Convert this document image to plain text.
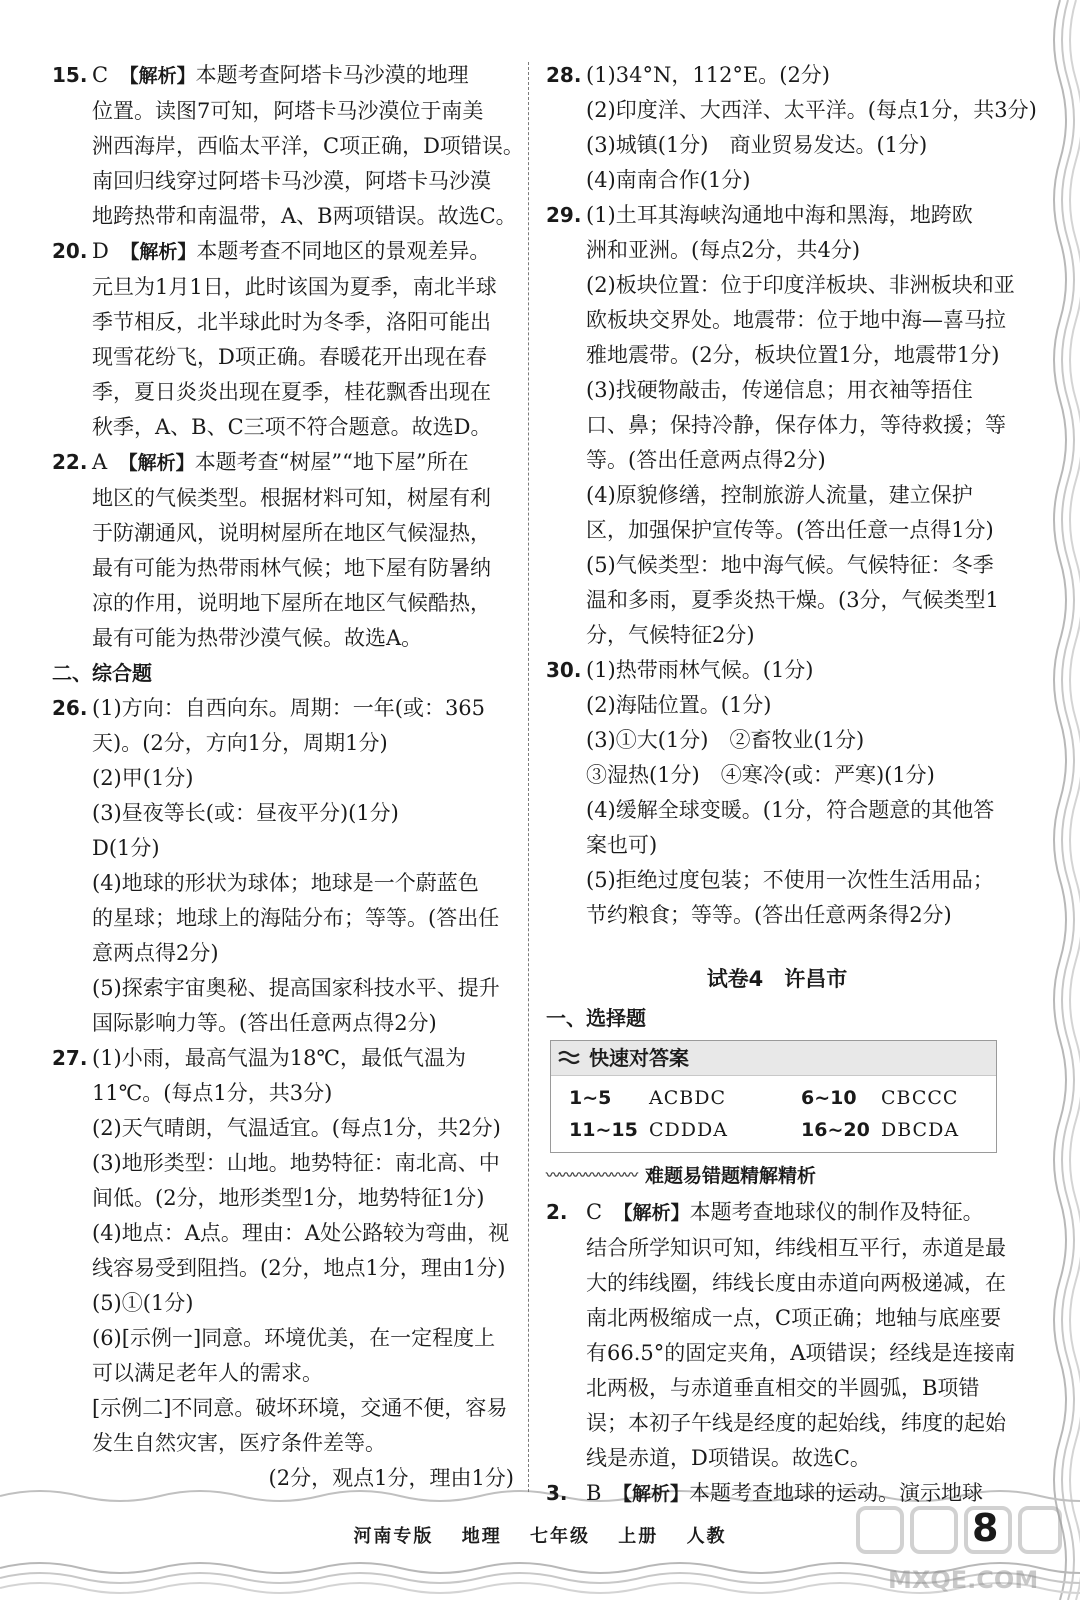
15. C　 【解析】本题考查阿塔卡马沙漠的地理
位置。读图7可知，阿塔卡马沙漠位于南美
洲西海岸，西临太平洋，C项正确，D项错误。
南回归线穿过阿塔卡马沙漠，阿塔卡马沙漠
地跨热带和南温带，A、B两项错误。故选C。
20. D　 【解析】本题考查不同地区的景观差异。
元旦为1月1日，此时该国为夏季，南北半球
季节相反，北半球此时为冬季，洛阳可能出
现雪花纷飞，D项正确。春暖花开出现在春
季，夏日炎炎出现在夏季，桂花飘香出现在
秋季，A、B、C三项不符合题意。故选D。
22. A　 【解析】本题考查“树屋”“地下屋”所在
地区的气候类型。根据材料可知，树屋有利
于防潮通风，说明树屋所在地区气候湿热，
最有可能为热带雨林气候；地下屋有防暑纳
凉的作用，说明地下屋所在地区气候酷热，
最有可能为热带沙漠气候。故选A。

二、综合题

26. (1)方向：自西向东。周期：一年(或：365
天)。(2分，方向1分，周期1分)
(2)甲(1分)
(3)昼夜等长(或：昼夜平分)(1分)
D(1分)
(4)地球的形状为球体；地球是一个蔚蓝色
的星球；地球上的海陆分布；等等。(答出任
意两点得2分)
(5)探索宇宙奥秘、提高国家科技水平、提升
国际影响力等。(答出任意两点得2分)
27. (1)小雨，最高气温为18℃，最低气温为
11℃。(每点1分，共3分)
(2)天气晴朗，气温适宜。(每点1分，共2分)
(3)地形类型：山地。地势特征：南北高、中
间低。(2分，地形类型1分，地势特征1分)
(4)地点：A点。理由：A处公路较为弯曲，视
线容易受到阻挡。(2分，地点1分，理由1分)
(5)①(1分)
(6)[示例一]同意。环境优美，在一定程度上
可以满足老年人的需求。
[示例二]不同意。破坏环境，交通不便，容易
发生自然灾害，医疗条件差等。
(2分，观点1分，理由1分)
28. (1)34°N，112°E。(2分)
(2)印度洋、大西洋、太平洋。(每点1分，共3分)
(3)城镇(1分)　商业贸易发达。(1分)
(4)南南合作(1分)
29. (1)土耳其海峡沟通地中海和黑海，地跨欧
洲和亚洲。(每点2分，共4分)
(2)板块位置：位于印度洋板块、非洲板块和亚
欧板块交界处。地震带：位于地中海—喜马拉
雅地震带。(2分，板块位置1分，地震带1分)
(3)找硬物敲击，传递信息；用衣袖等捂住
口、鼻；保持冷静，保存体力，等待救援；等
等。(答出任意两点得2分)
(4)原貌修缮，控制旅游人流量，建立保护
区，加强保护宣传等。(答出任意一点得1分)
(5)气候类型：地中海气候。气候特征：冬季
温和多雨，夏季炎热干燥。(3分，气候类型1
分，气候特征2分)
30. (1)热带雨林气候。(1分)
(2)海陆位置。(1分)
(3)①大(1分)　②畜牧业(1分)
③湿热(1分)　④寒冷(或：严寒)(1分)
(4)缓解全球变暖。(1分，符合题意的其他答
案也可)
(5)拒绝过度包装；不使用一次性生活用品；
节约粮食；等等。(答出任意两条得2分)
试卷4　许昌市

一、选择题

快速对答案
1~5	ACBDC	6~10	CBCCC
11~15 CDDDA	16~20 DBCDA
〰〰〰〰〰〰〰 难题易错题精解精析
2. C　 【解析】本题考查地球仪的制作及特征。
结合所学知识可知，纬线相互平行，赤道是最
大的纬线圈，纬线长度由赤道向两极递减，在
南北两极缩成一点，C项正确；地轴与底座要
有66.5°的固定夹角，A项错误；经线是连接南
北两极，与赤道垂直相交的半圆弧，B项错
误；本初子午线是经度的起始线，纬度的起始
线是赤道，D项错误。故选C。
3. B　 【解析】本题考查地球的运动。演示地球
河南专版 地理 七年级 上册 人教
MXQE.COM
8
